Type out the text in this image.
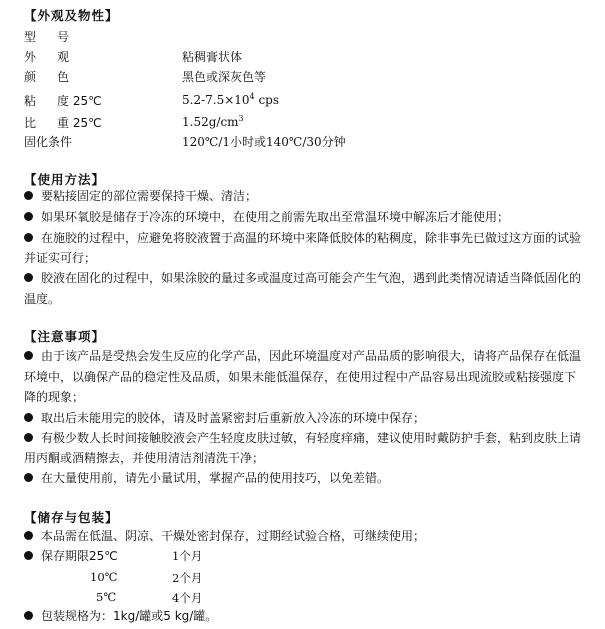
【外观及物性】
型 号
外 观	粘稠膏状体
颜 色	黑色或深灰色等
粘 度 25℃	$5.2-7.5\times 10^4$ cps
比 重 25℃	$1.52g/cm^3$
固化条件	120℃/1小时或140℃/30分钟
【使用方法】
要粘接固定的部位需要保持干燥、清洁；
如果环氧胶是储存于冷冻的环境中，在使用之前需先取出至常温环境中解冻后才能使用；
在施胶的过程中，应避免将胶液置于高温的环境中来降低胶体的粘稠度，除非事先已做过这方面的试验
并证实可行；
胶液在固化的过程中，如果涂胶的量过多或温度过高可能会产生气泡，遇到此类情况请适当降低固化的
温度。
【注意事项】
由于该产品是受热会发生反应的化学产品，因此环境温度对产品品质的影响很大，请将产品保存在低温
环境中，以确保产品的稳定性及品质，如果未能低温保存，在使用过程中产品容易出现流胶或粘接强度下
降的现象；
取出后未能用完的胶体，请及时盖紧密封后重新放入冷冻的环境中保存；
有极少数人长时间接触胶液会产生轻度皮肤过敏，有轻度痒痛，建议使用时戴防护手套，粘到皮肤上请
用丙酮或酒精擦去，并使用清洁剂清洗干净；
在大量使用前，请先小量试用，掌握产品的使用技巧，以免差错。
【储存与包装】
本品需在低温、阴凉、干燥处密封保存，过期经试验合格，可继续使用；
保存期限25℃	1个月
10℃	2个月
5℃	4个月
包装规格为：1kg/罐或5 kg/罐。
